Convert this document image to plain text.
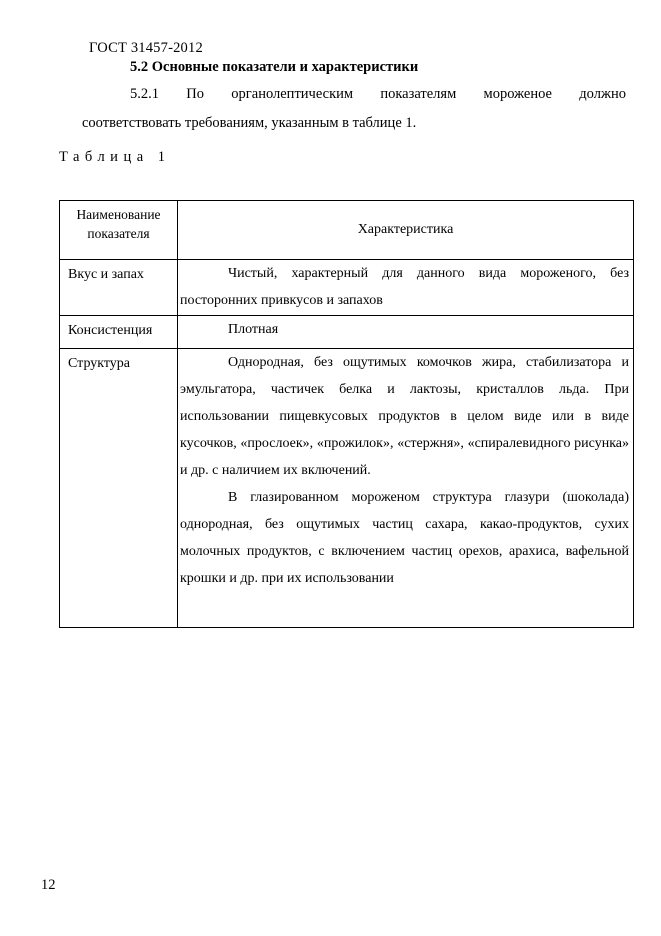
ГОСТ 31457-2012
5.2 Основные показатели и характеристики
5.2.1 По органолептическим показателям мороженое должно
соответствовать требованиям, указанным в таблице 1.
Таблица 1
Наименование показателя	Характеристика
Вкус и запах	Чистый, характерный для данного вида мороженого, без посторонних привкусов и запахов

Консистенция	Плотная

Структура	Однородная, без ощутимых комочков жира, стабилизатора и эмульгатора, частичек белка и лактозы, кристаллов льда. При использовании пищевкусовых продуктов в целом виде или в виде кусочков, «прослоек», «прожилок», «стержня», «спиралевидного рисунка» и др. с наличием их включений.

В глазированном мороженом структура глазури (шоколада) однородная, без ощутимых частиц сахара, какао-продуктов, сухих молочных продуктов, с включением частиц орехов, арахиса, вафельной крошки и др. при их использовании

12
